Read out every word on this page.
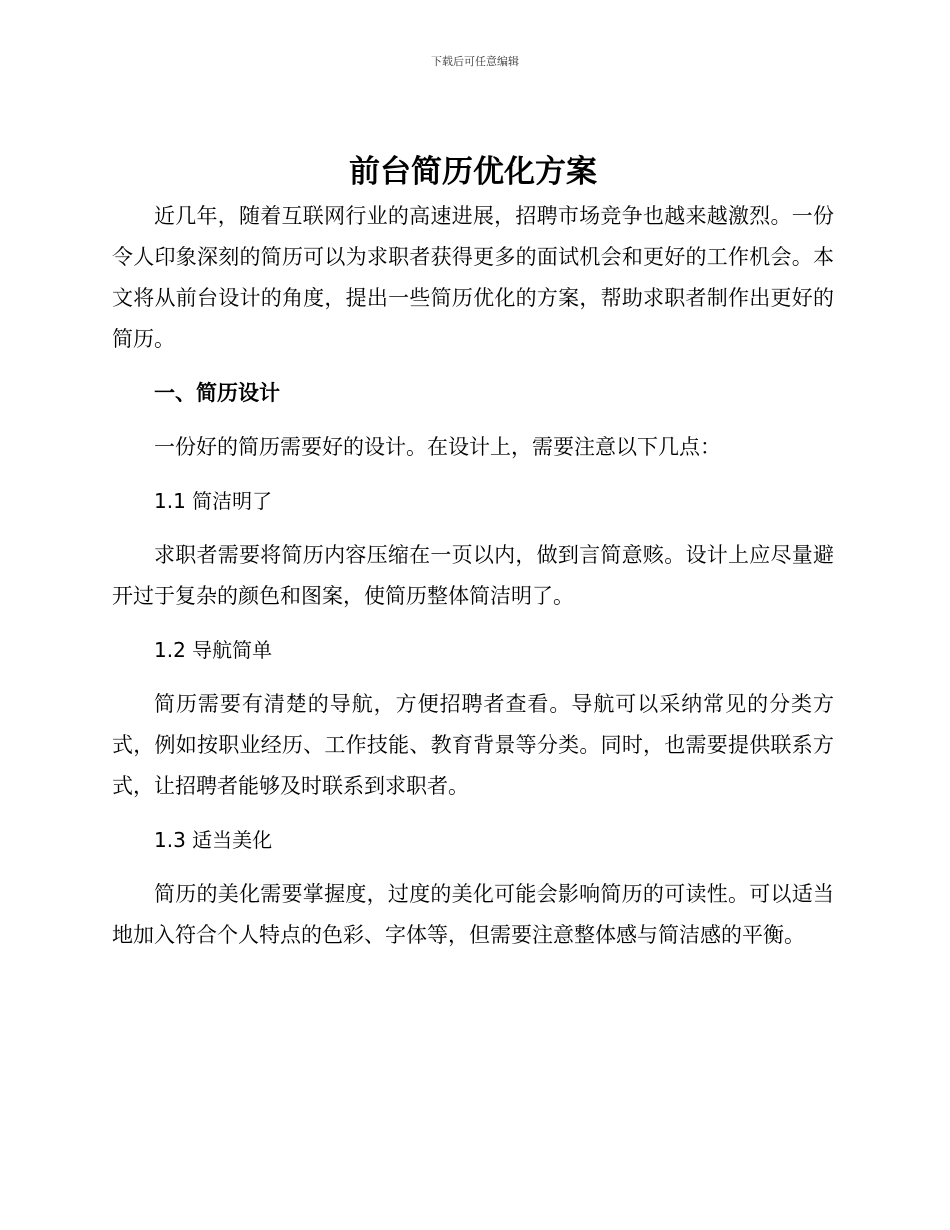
下载后可任意编辑
前台简历优化方案

近几年，随着互联网行业的高速进展，招聘市场竞争也越来越激烈。一份令人印象深刻的简历可以为求职者获得更多的面试机会和更好的工作机会。本文将从前台设计的角度，提出一些简历优化的方案，帮助求职者制作出更好的简历。

一、简历设计

一份好的简历需要好的设计。在设计上，需要注意以下几点：

1.1 简洁明了

求职者需要将简历内容压缩在一页以内，做到言简意赅。设计上应尽量避开过于复杂的颜色和图案，使简历整体简洁明了。

1.2 导航简单

简历需要有清楚的导航，方便招聘者查看。导航可以采纳常见的分类方式，例如按职业经历、工作技能、教育背景等分类。同时，也需要提供联系方式，让招聘者能够及时联系到求职者。

1.3 适当美化

简历的美化需要掌握度，过度的美化可能会影响简历的可读性。可以适当地加入符合个人特点的色彩、字体等，但需要注意整体感与简洁感的平衡。
